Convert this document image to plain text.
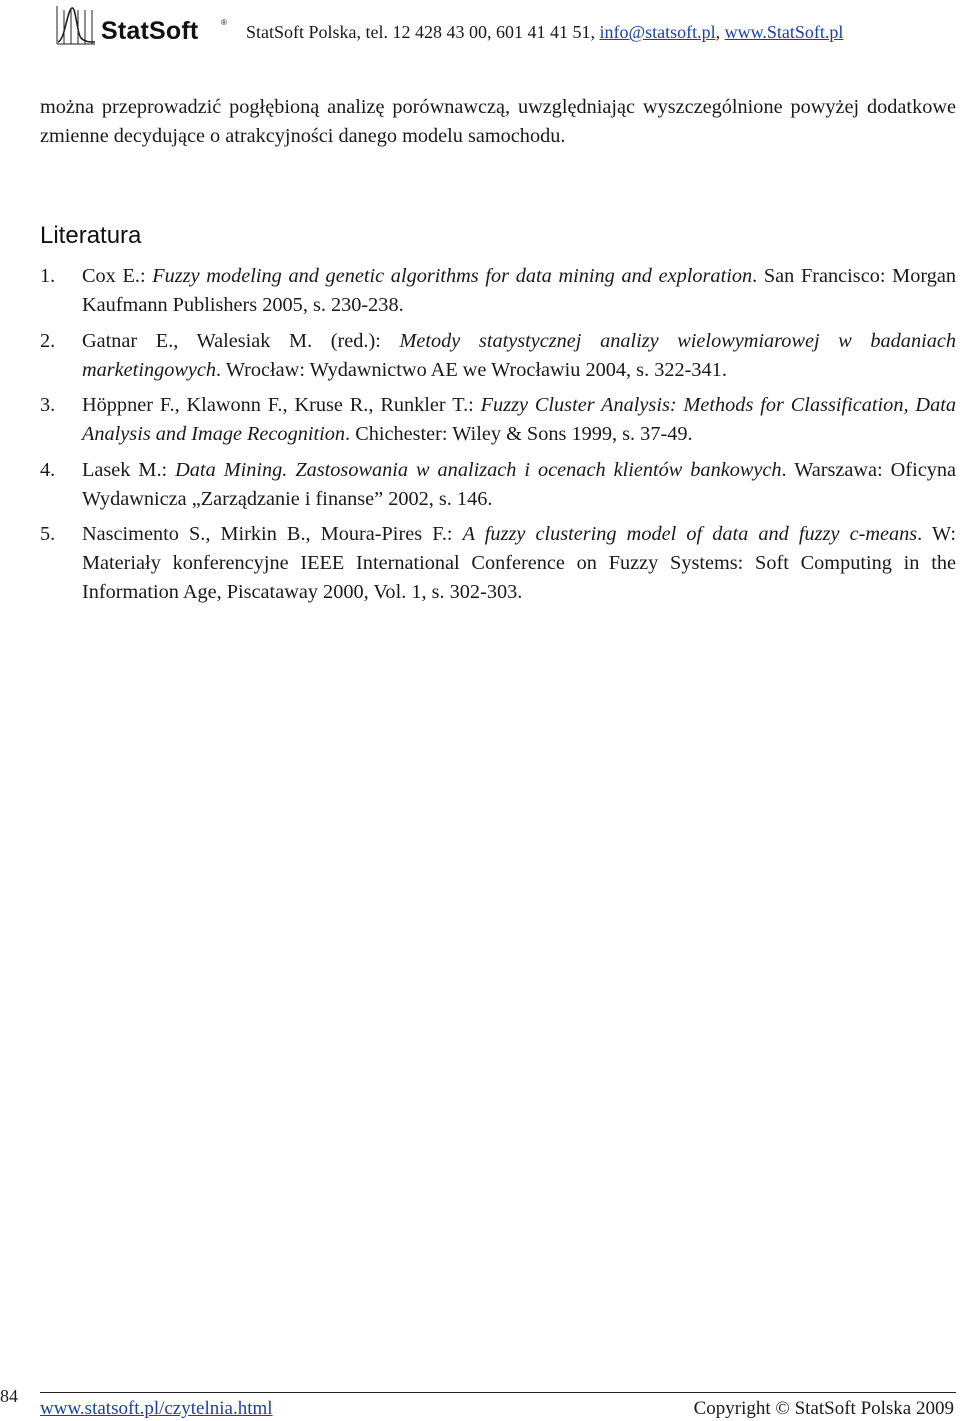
StatSoft	® StatSoft Polska, tel. 12 428 43 00, 601 41 41 51, info@statsoft.pl, www.StatSoft.pl

można przeprowadzić pogłębioną analizę porównawczą, uwzględniając wyszczególnione powyżej dodatkowe zmienne decydujące o atrakcyjności danego modelu samochodu.

Literatura
1. Cox E.: Fuzzy modeling and genetic algorithms for data mining and exploration. San Francisco: Morgan Kaufmann Publishers 2005, s. 230-238.
2. Gatnar E., Walesiak M. (red.): Metody statystycznej analizy wielowymiarowej w badaniach marketingowych. Wrocław: Wydawnictwo AE we Wrocławiu 2004, s. 322-341.
3. Höppner F., Klawonn F., Kruse R., Runkler T.: Fuzzy Cluster Analysis: Methods for Classification, Data Analysis and Image Recognition. Chichester: Wiley & Sons 1999, s. 37-49.
4. Lasek M.: Data Mining. Zastosowania w analizach i ocenach klientów bankowych. Warszawa: Oficyna Wydawnicza „Zarządzanie i finanse” 2002, s. 146.
5. Nascimento S., Mirkin B., Moura-Pires F.: A fuzzy clustering model of data and fuzzy c-means. W: Materiały konferencyjne IEEE International Conference on Fuzzy Systems: Soft Computing in the Information Age, Piscataway 2000, Vol. 1, s. 302-303.
84
www.statsoft.pl/czytelnia.html	Copyright © StatSoft Polska 2009
